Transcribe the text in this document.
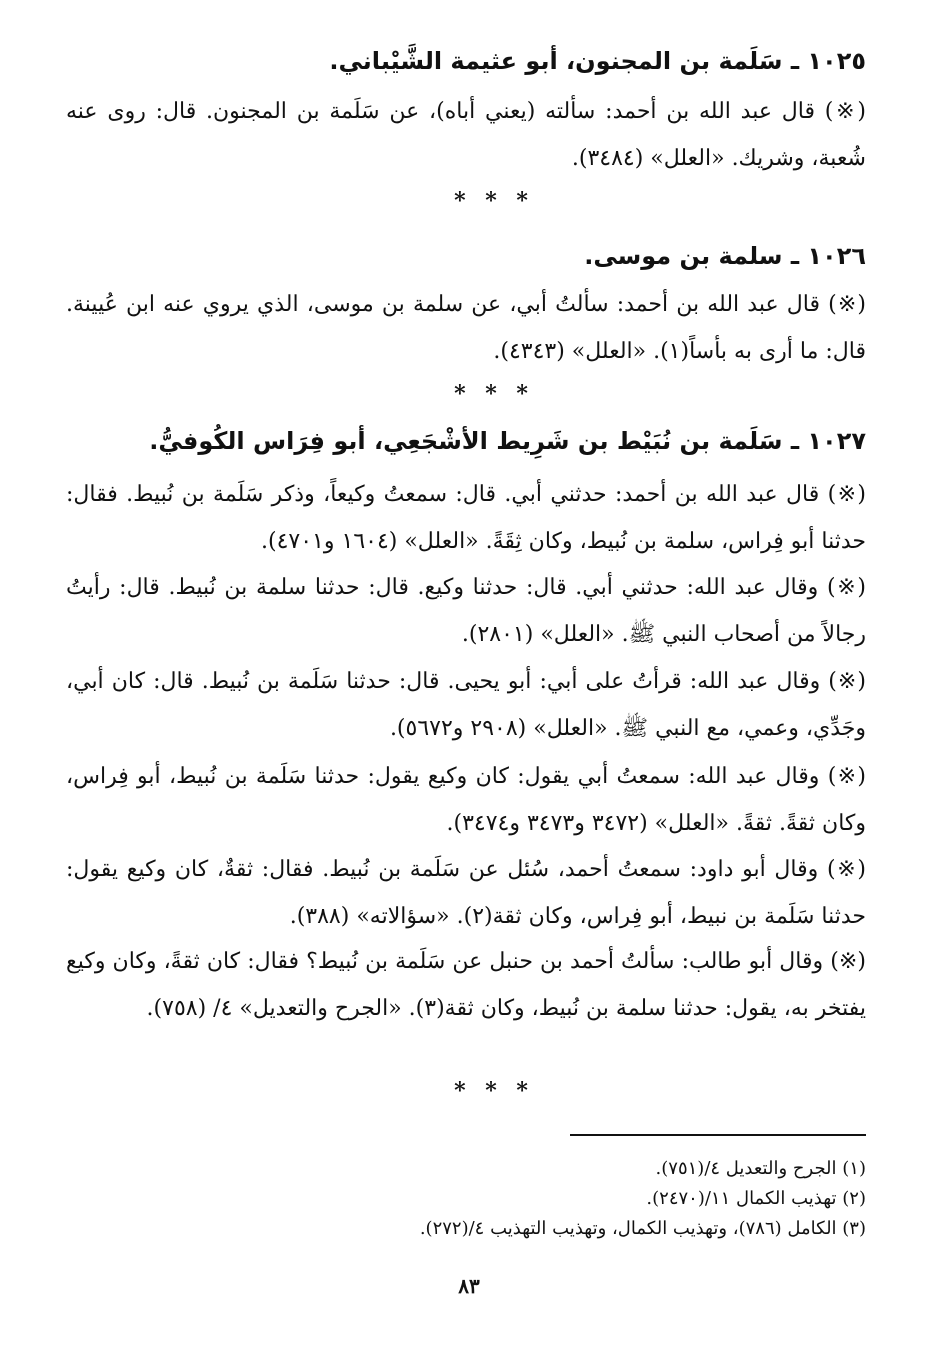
١٠٢٥ ـ سَلَمة بن المجنون، أبو عثيمة الشَّيْباني.
(※) قال عبد الله بن أحمد: سألته (يعني أباه)، عن سَلَمة بن المجنون. قال: روى عنه شُعبة، وشريك. «العلل» (٣٤٨٤).
* * *
١٠٢٦ ـ سلمة بن موسى.
(※) قال عبد الله بن أحمد: سألتُ أبي، عن سلمة بن موسى، الذي يروي عنه ابن عُيينة. قال: ما أرى به بأساً(١). «العلل» (٤٣٤٣).
* * *
١٠٢٧ ـ سَلَمة بن نُبَيْط بن شَرِيط الأشْجَعِي، أبو فِرَاس الكُوفيُّ.
(※) قال عبد الله بن أحمد: حدثني أبي. قال: سمعتُ وكيعاً، وذكر سَلَمة بن نُبيط. فقال: حدثنا أبو فِراس، سلمة بن نُبيط، وكان ثِقَةً. «العلل» (١٦٠٤ و٤٧٠١).
(※) وقال عبد الله: حدثني أبي. قال: حدثنا وكيع. قال: حدثنا سلمة بن نُبيط. قال: رأيتُ رجالاً من أصحاب النبي ﷺ. «العلل» (٢٨٠١).
(※) وقال عبد الله: قرأتُ على أبي: أبو يحيى. قال: حدثنا سَلَمة بن نُبيط. قال: كان أبي، وجَدِّي، وعمي، مع النبي ﷺ. «العلل» (٢٩٠٨ و٥٦٧٢).
(※) وقال عبد الله: سمعتُ أبي يقول: كان وكيع يقول: حدثنا سَلَمة بن نُبيط، أبو فِراس، وكان ثقةً. ثقةً. «العلل» (٣٤٧٢ و٣٤٧٣ و٣٤٧٤).
(※) وقال أبو داود: سمعتُ أحمد، سُئل عن سَلَمة بن نُبيط. فقال: ثقةٌ، كان وكيع يقول: حدثنا سَلَمة بن نبيط، أبو فِراس، وكان ثقة(٢). «سؤالاته» (٣٨٨).
(※) وقال أبو طالب: سألتُ أحمد بن حنبل عن سَلَمة بن نُبيط؟ فقال: كان ثقةً، وكان وكيع يفتخر به، يقول: حدثنا سلمة بن نُبيط، وكان ثقة(٣). «الجرح والتعديل» ٤/ (٧٥٨).
* * *
(١) الجرح والتعديل ٤/(٧٥١).
(٢) تهذيب الكمال ١١/(٢٤٧٠).
(٣) الكامل (٧٨٦)، وتهذيب الكمال، وتهذيب التهذيب ٤/(٢٧٢).
٨٣
